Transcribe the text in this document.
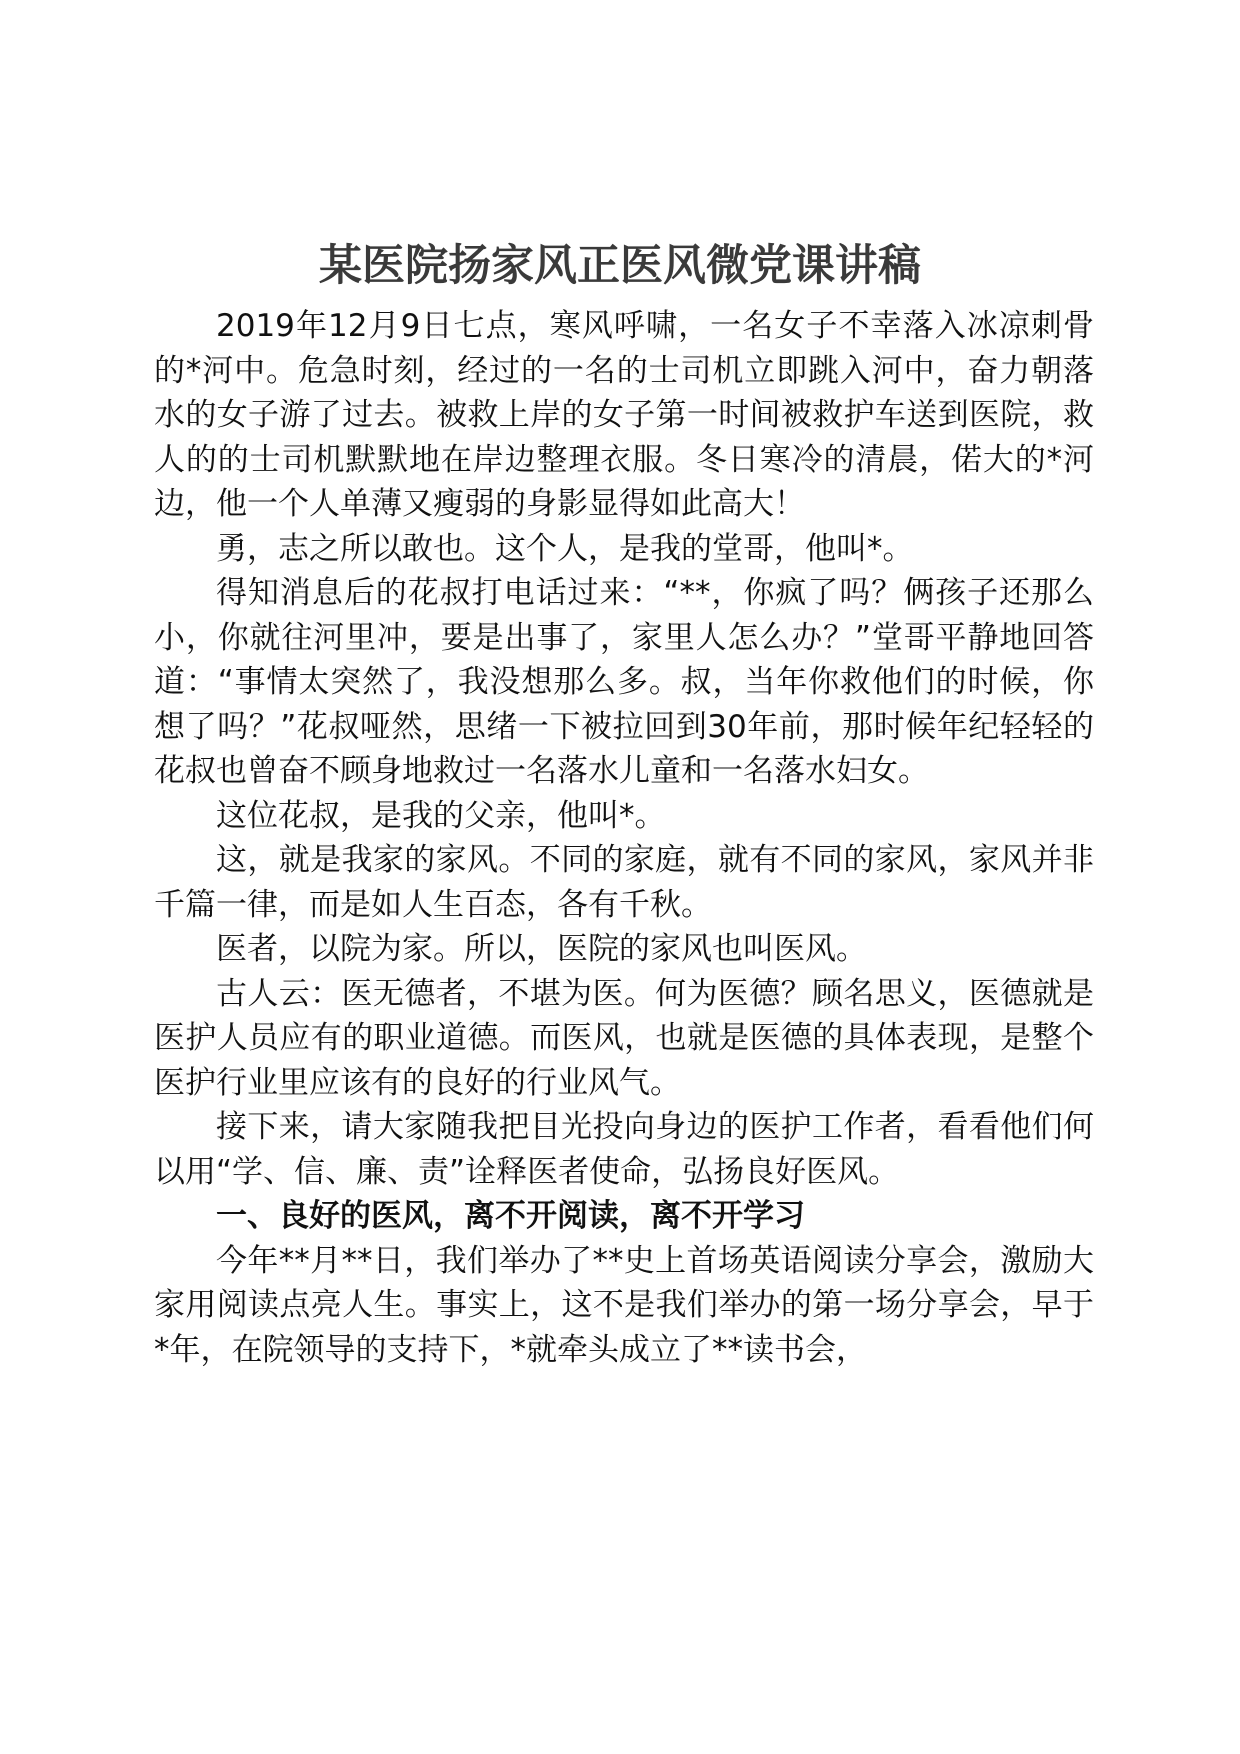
某医院扬家风正医风微党课讲稿

2019年12月9日七点，寒风呼啸，一名女子不幸落入冰凉刺骨的*河中。危急时刻，经过的一名的士司机立即跳入河中，奋力朝落水的女子游了过去。被救上岸的女子第一时间被救护车送到医院，救人的的士司机默默地在岸边整理衣服。冬日寒冷的清晨，偌大的*河边，他一个人单薄又瘦弱的身影显得如此高大！

勇，志之所以敢也。这个人，是我的堂哥，他叫*。

得知消息后的花叔打电话过来：“**，你疯了吗？俩孩子还那么小，你就往河里冲，要是出事了，家里人怎么办？”堂哥平静地回答道：“事情太突然了，我没想那么多。叔，当年你救他们的时候，你想了吗？”花叔哑然，思绪一下被拉回到30年前，那时候年纪轻轻的花叔也曾奋不顾身地救过一名落水儿童和一名落水妇女。

这位花叔，是我的父亲，他叫*。

这，就是我家的家风。不同的家庭，就有不同的家风，家风并非千篇一律，而是如人生百态，各有千秋。

医者，以院为家。所以，医院的家风也叫医风。

古人云：医无德者，不堪为医。何为医德？顾名思义，医德就是医护人员应有的职业道德。而医风，也就是医德的具体表现，是整个医护行业里应该有的良好的行业风气。

接下来，请大家随我把目光投向身边的医护工作者，看看他们何以用“学、信、廉、责”诠释医者使命，弘扬良好医风。

一、良好的医风，离不开阅读，离不开学习

今年**月**日，我们举办了**史上首场英语阅读分享会，激励大家用阅读点亮人生。事实上，这不是我们举办的第一场分享会，早于*年，在院领导的支持下，*就牵头成立了**读书会，
